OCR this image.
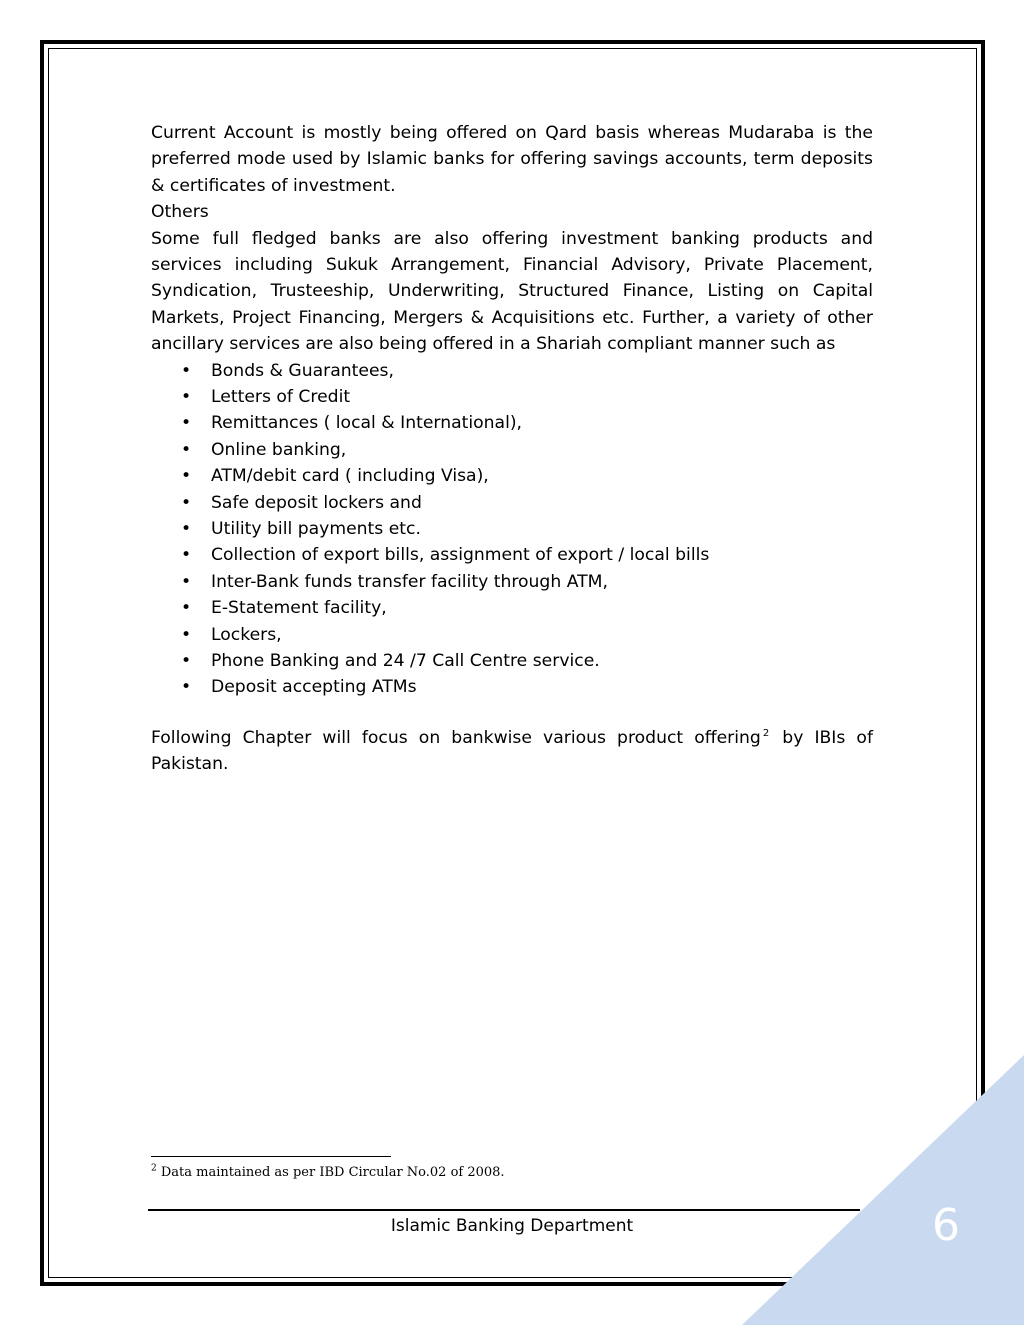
Current Account is mostly being offered on Qard basis whereas Mudaraba is the preferred mode used by Islamic banks for offering savings accounts, term deposits & certificates of investment.

Others

Some full fledged banks are also offering investment banking products and services including Sukuk Arrangement, Financial Advisory, Private Placement, Syndication, Trusteeship, Underwriting, Structured Finance, Listing on Capital Markets, Project Financing, Mergers & Acquisitions etc. Further, a variety of other ancillary services are also being offered in a Shariah compliant manner such as

• Bonds & Guarantees,
• Letters of Credit
• Remittances ( local & International),
• Online banking,
• ATM/debit card ( including Visa),
• Safe deposit lockers and
• Utility bill payments etc.
• Collection of export bills, assignment of export / local bills
• Inter-Bank funds transfer facility through ATM,
• E-Statement facility,
• Lockers,
• Phone Banking and 24 /7 Call Centre service.
• Deposit accepting ATMs

Following Chapter will focus on bankwise various product offering $^2$ by IBIs of Pakistan.

$^2$ Data maintained as per IBD Circular No.02 of 2008.
Islamic Banking Department	6
